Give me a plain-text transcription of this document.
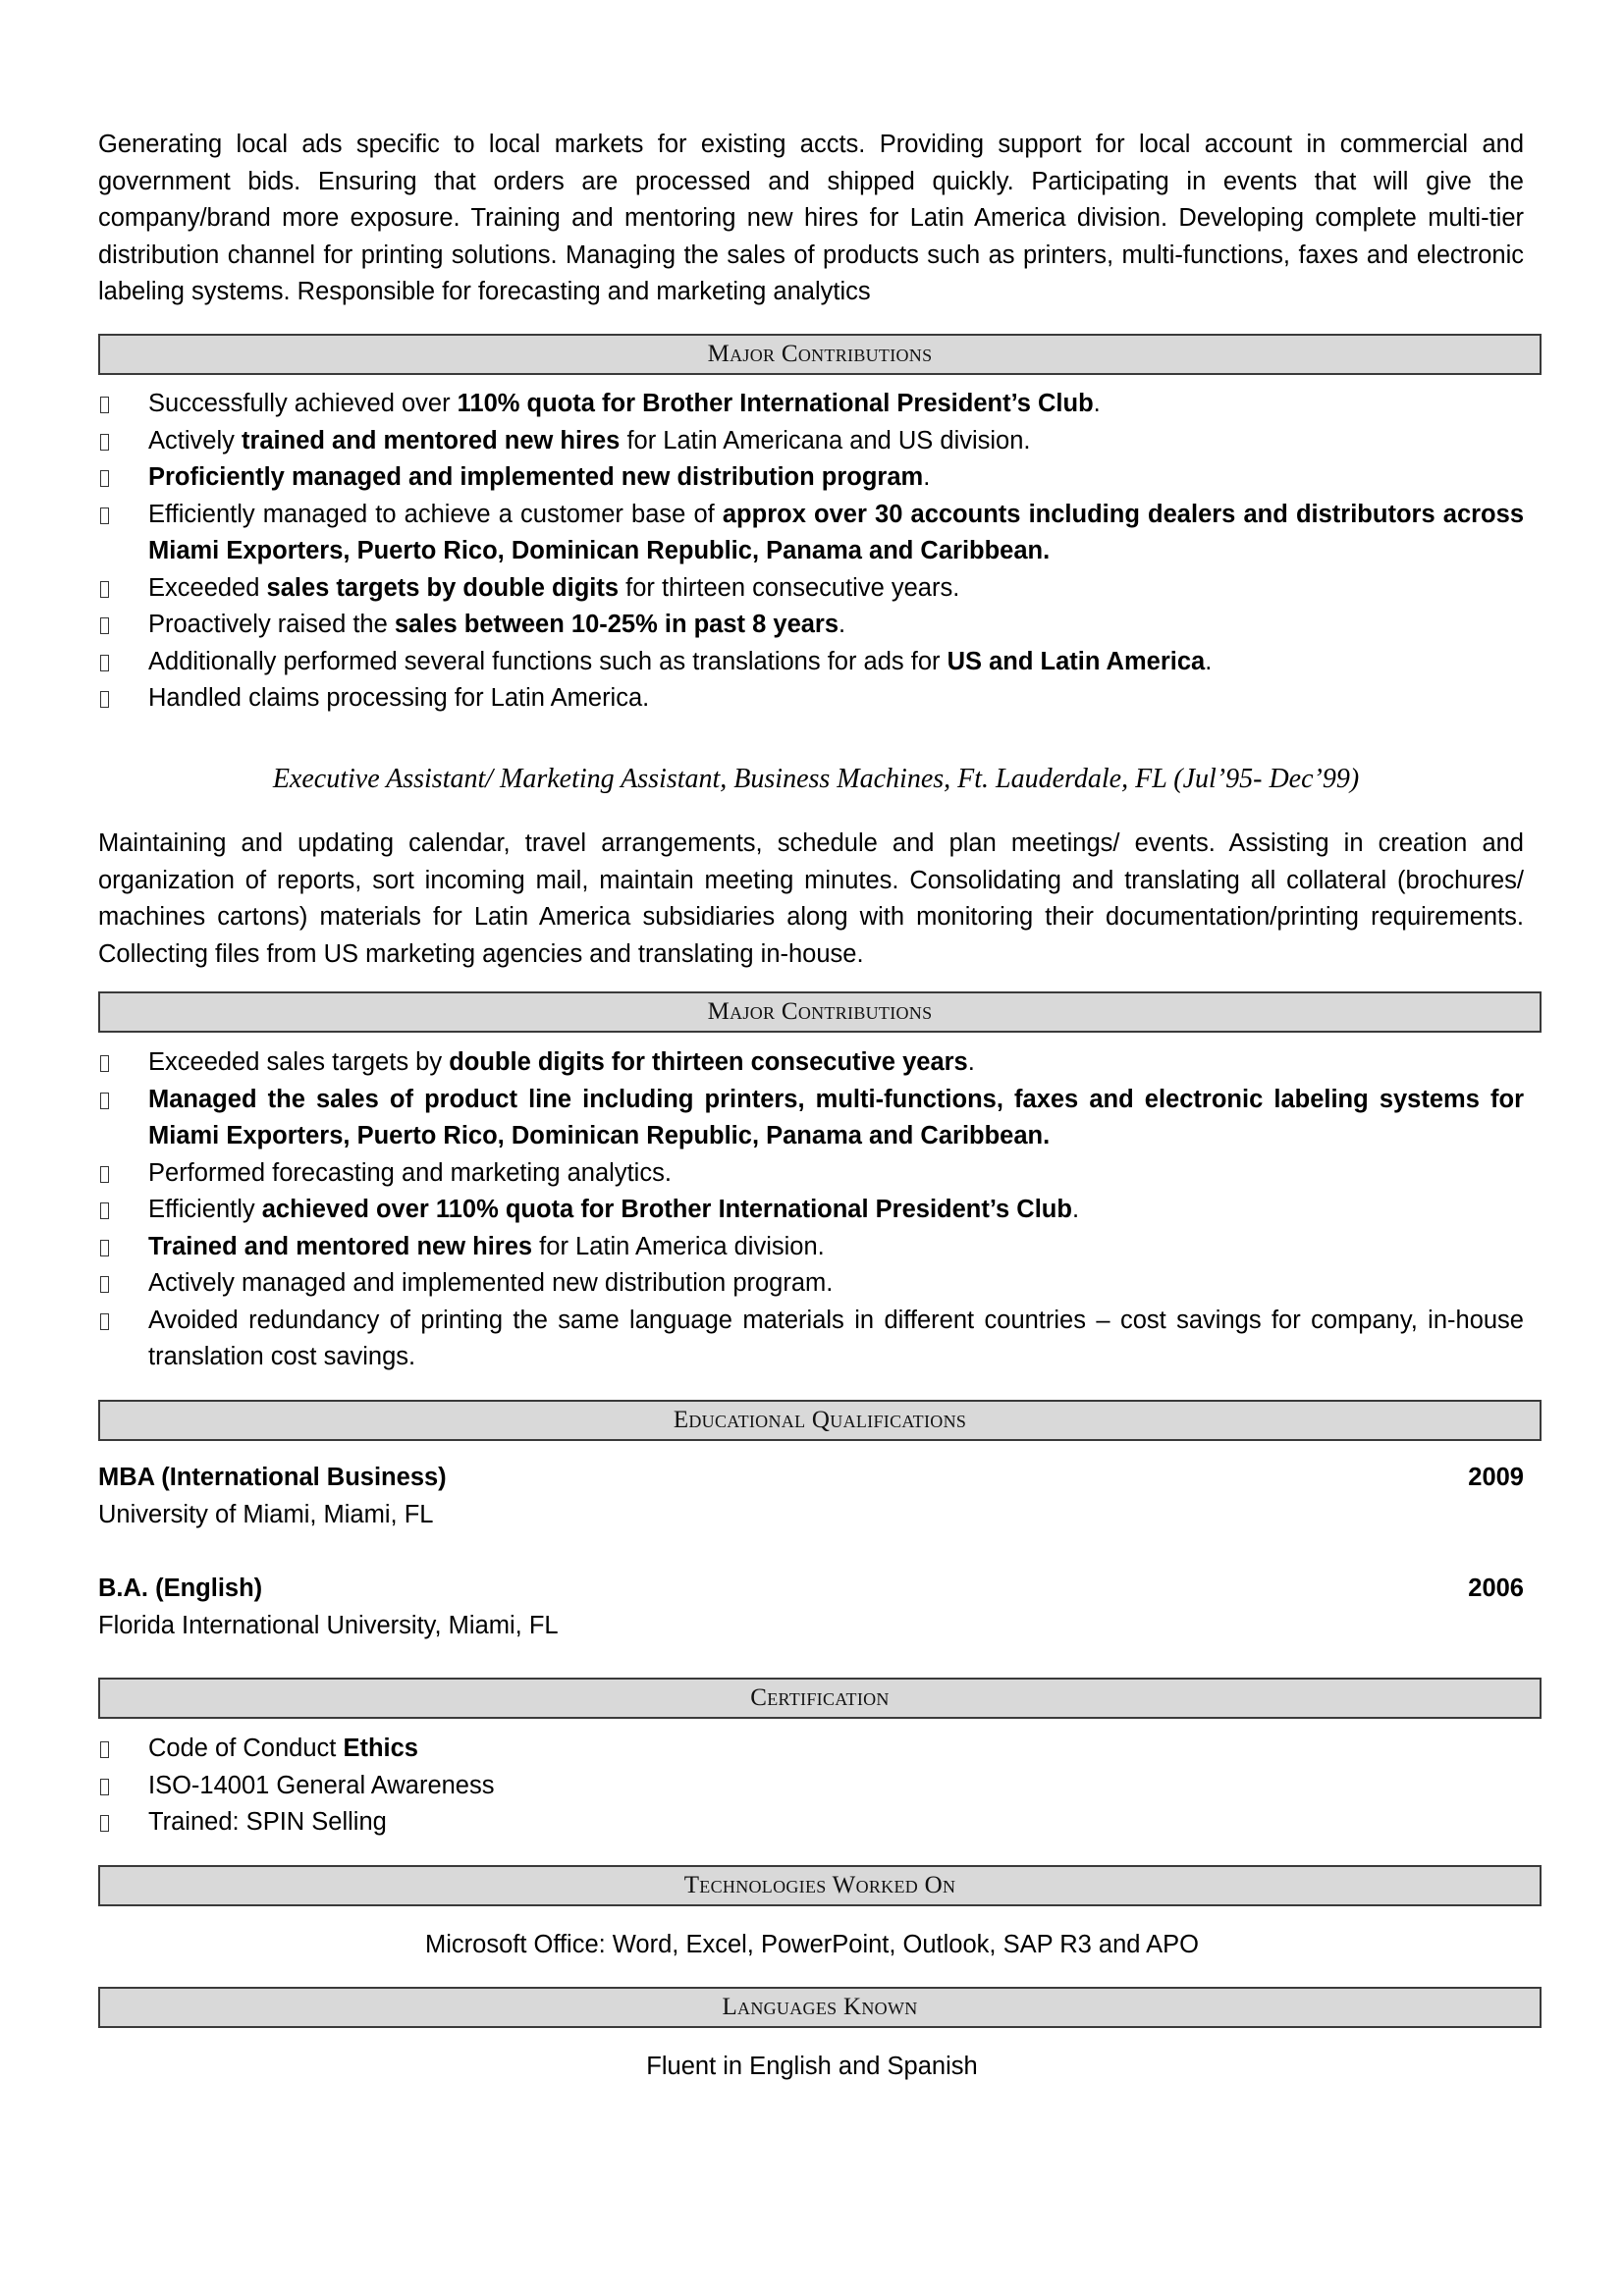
Generating local ads specific to local markets for existing accts. Providing support for local account in commercial and government bids. Ensuring that orders are processed and shipped quickly. Participating in events that will give the company/brand more exposure. Training and mentoring new hires for Latin America division. Developing complete multi-tier distribution channel for printing solutions. Managing the sales of products such as printers, multi-functions, faxes and electronic labeling systems. Responsible for forecasting and marketing analytics

Major Contributions
Successfully achieved over 110% quota for Brother International President’s Club.
Actively trained and mentored new hires for Latin Americana and US division.
Proficiently managed and implemented new distribution program.
Efficiently managed to achieve a customer base of approx over 30 accounts including dealers and distributors across Miami Exporters, Puerto Rico, Dominican Republic, Panama and Caribbean.
Exceeded sales targets by double digits for thirteen consecutive years.
Proactively raised the sales between 10-25% in past 8 years.
Additionally performed several functions such as translations for ads for US and Latin America.
Handled claims processing for Latin America.
Executive Assistant/ Marketing Assistant, Business Machines, Ft. Lauderdale, FL (Jul’95- Dec’99)

Maintaining and updating calendar, travel arrangements, schedule and plan meetings/ events. Assisting in creation and organization of reports, sort incoming mail, maintain meeting minutes. Consolidating and translating all collateral (brochures/ machines cartons) materials for Latin America subsidiaries along with monitoring their documentation/printing requirements. Collecting files from US marketing agencies and translating in-house.

Major Contributions
Exceeded sales targets by double digits for thirteen consecutive years.
Managed the sales of product line including printers, multi-functions, faxes and electronic labeling systems for Miami Exporters, Puerto Rico, Dominican Republic, Panama and Caribbean.
Performed forecasting and marketing analytics.
Efficiently achieved over 110% quota for Brother International President’s Club.
Trained and mentored new hires for Latin America division.
Actively managed and implemented new distribution program.
Avoided redundancy of printing the same language materials in different countries – cost savings for company, in-house translation cost savings.
Educational Qualifications
MBA (International Business)	2009
University of Miami, Miami, FL
B.A. (English)	2006
Florida International University, Miami, FL
Certification
Code of Conduct Ethics
ISO-14001 General Awareness
Trained: SPIN Selling
Technologies Worked On
Microsoft Office: Word, Excel, PowerPoint, Outlook, SAP R3 and APO
Languages Known
Fluent in English and Spanish
